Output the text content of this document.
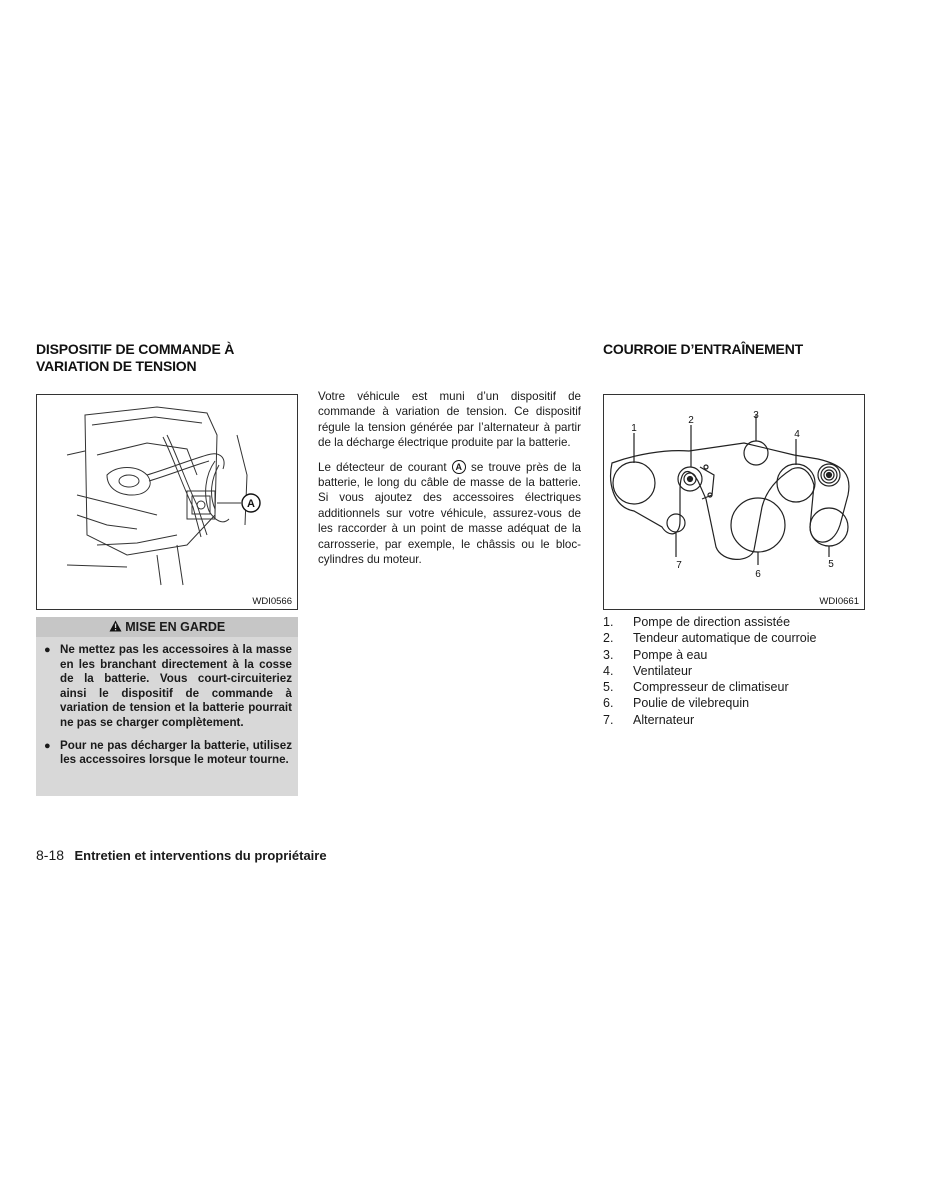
DISPOSITIF DE COMMANDE À
VARIATION DE TENSION
COURROIE D’ENTRAÎNEMENT
A
WDI0566
MISE EN GARDE
● Ne mettez pas les accessoires à la masse en les branchant directement à la cosse de la batterie. Vous court-circuiteriez ainsi le dispositif de commande à variation de tension et la batterie pourrait ne pas se charger complètement.
● Pour ne pas décharger la batterie, utilisez les accessoires lorsque le moteur tourne.

Votre véhicule est muni d’un dispositif de commande à variation de tension. Ce dispositif régule la tension générée par l’alternateur à partir de la décharge électrique produite par la batterie.

Le détecteur de courant A se trouve près de la batterie, le long du câble de masse de la batterie. Si vous ajoutez des accessoires électriques additionnels sur votre véhicule, assurez-vous de les raccorder à un point de masse adéquat de la carrosserie, par exemple, le châssis ou le bloc-cylindres du moteur.

1
2	3
4
5
6
7
WDI0661
1.	Pompe de direction assistée
2.	Tendeur automatique de courroie
3.	Pompe à eau
4.	Ventilateur
5.	Compresseur de climatiseur
6.	Poulie de vilebrequin
7.	Alternateur
8-18 Entretien et interventions du propriétaire
